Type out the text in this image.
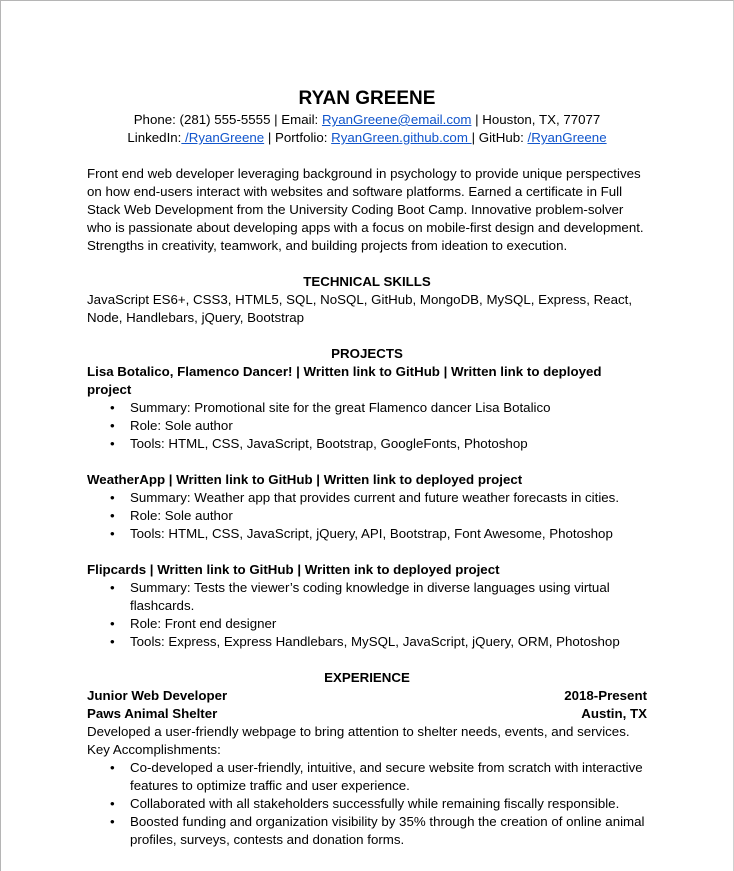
RYAN GREENE
Phone: (281) 555-5555 | Email: RyanGreene@email.com | Houston, TX, 77077
LinkedIn: /RyanGreene | Portfolio: RyanGreen.github.com | GitHub: /RyanGreene
Front end web developer leveraging background in psychology to provide unique perspectives on how end-users interact with websites and software platforms. Earned a certificate in Full Stack Web Development from the University Coding Boot Camp. Innovative problem-solver who is passionate about developing apps with a focus on mobile-first design and development. Strengths in creativity, teamwork, and building projects from ideation to execution.
TECHNICAL SKILLS
JavaScript ES6+, CSS3, HTML5, SQL, NoSQL, GitHub, MongoDB, MySQL, Express, React, Node, Handlebars, jQuery, Bootstrap
PROJECTS
Lisa Botalico, Flamenco Dancer! | Written link to GitHub | Written link to deployed project
• Summary: Promotional site for the great Flamenco dancer Lisa Botalico
• Role: Sole author
• Tools: HTML, CSS, JavaScript, Bootstrap, GoogleFonts, Photoshop
WeatherApp | Written link to GitHub | Written link to deployed project
• Summary: Weather app that provides current and future weather forecasts in cities.
• Role: Sole author
• Tools: HTML, CSS, JavaScript, jQuery, API, Bootstrap, Font Awesome, Photoshop
Flipcards | Written link to GitHub | Written ink to deployed project
• Summary: Tests the viewer’s coding knowledge in diverse languages using virtual flashcards.
• Role: Front end designer
• Tools: Express, Express Handlebars, MySQL, JavaScript, jQuery, ORM, Photoshop
EXPERIENCE
Junior Web Developer	2018-Present
Paws Animal Shelter	Austin, TX
Developed a user-friendly webpage to bring attention to shelter needs, events, and services.
Key Accomplishments:
• Co-developed a user-friendly, intuitive, and secure website from scratch with interactive features to optimize traffic and user experience.
• Collaborated with all stakeholders successfully while remaining fiscally responsible.
• Boosted funding and organization visibility by 35% through the creation of online animal profiles, surveys, contests and donation forms.
